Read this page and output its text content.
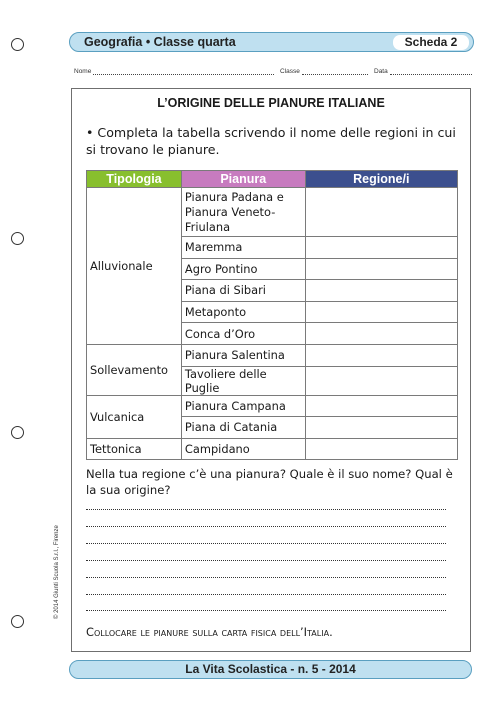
Geografia • Classe quarta	Scheda 2
Nome	Classe	Data
L’ORIGINE DELLE PIANURE ITALIANE
• Completa la tabella scrivendo il nome delle regioni in cui si trovano le pianure.
Tipologia	Pianura	Regione/i
Alluvionale	Pianura Padana e Pianura Veneto-Friulana	
	Maremma	
	Agro Pontino	
	Piana di Sibari	
	Metaponto	
	Conca d’Oro	
Sollevamento	Pianura Salentina	
	Tavoliere delle Puglie	
Vulcanica	Pianura Campana	
	Piana di Catania	
Tettonica	Campidano	
Nella tua regione c’è una pianura? Quale è il suo nome? Qual è la sua origine?
Collocare le pianure sulla carta fisica dell’Italia.
© 2014 Giunti Scuola S.r.l., Firenze
La Vita Scolastica - n. 5 - 2014
